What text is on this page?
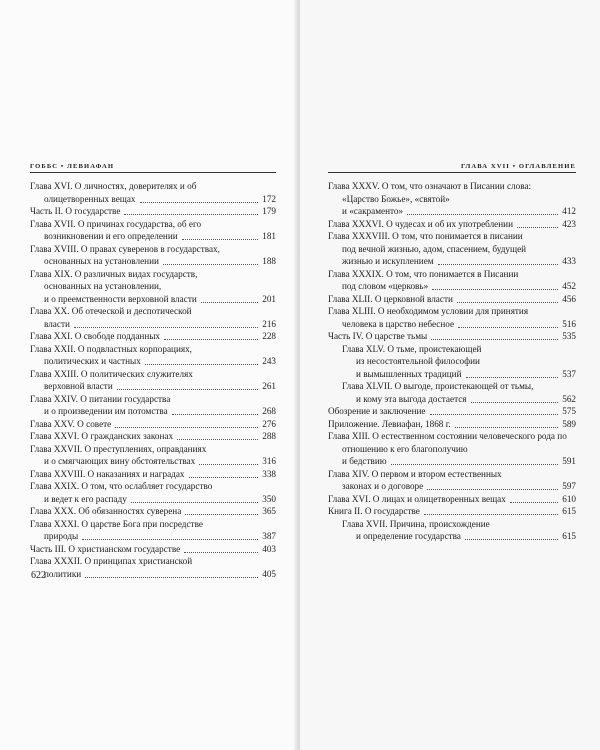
ГОББС • ЛЕВИАФАН
Глава XVI. О личностях, доверителях и об
олицетворенных вещах	172
Часть II. О государстве	179
Глава XVII. О причинах государства, об его
возникновении и его определении	181
Глава XVIII. О правах суверенов в государствах,
основанных на установлении	188
Глава XIX. О различных видах государств,
основанных на установлении,
и о преемственности верховной власти	201
Глава XX. Об отеческой и деспотической
власти	216
Глава XXI. О свободе подданных	228
Глава XXII. О подвластных корпорациях,
политических и частных	243
Глава XXIII. О политических служителях
верховной власти	261
Глава XXIV. О питании государства
и о произведении им потомства	268
Глава XXV. О совете	276
Глава XXVI. О гражданских законах	288
Глава XXVII. О преступлениях, оправданиях
и о смягчающих вину обстоятельствах	316
Глава XXVIII. О наказаниях и наградах	338
Глава XXIX. О том, что ослабляет государство
и ведет к его распаду	350
Глава XXX. Об обязанностях суверена	365
Глава XXXI. О царстве Бога при посредстве
природы	387
Часть III. О христианском государстве	403
Глава XXXII. О принципах христианской
политики	405
622
ГЛАВА XVII • ОГЛАВЛЕНИЕ
Глава XXXV. О том, что означают в Писании слова:
«Царство Божье», «святой»
и «сакраменто»	412
Глава XXXVI. О чудесах и об их употреблении	423
Глава XXXVIII. О том, что понимается в писании
под вечной жизнью, адом, спасением, будущей
жизнью и искуплением	433
Глава XXXIX. О том, что понимается в Писании
под словом «церковь»	452
Глава XLII. О церковной власти	456
Глава XLIII. О необходимом условии для принятия
человека в царство небесное	516
Часть IV. О царстве тьмы	535
Глава XLV. О тьме, проистекающей
из несостоятельной философии
и вымышленных традиций	537
Глава XLVII. О выгоде, проистекающей от тьмы,
и кому эта выгода достается	562
Обозрение и заключение	575
Приложение. Левиафан, 1868 г.	589
Глава XIII. О естественном состоянии человеческого рода по
отношению к его благополучию
и бедствию	591
Глава XIV. О первом и втором естественных
законах и о договоре	597
Глава XVI. О лицах и олицетворенных вещах	610
Книга II. О государстве	615
Глава XVII. Причина, происхождение
и определение государства	615
